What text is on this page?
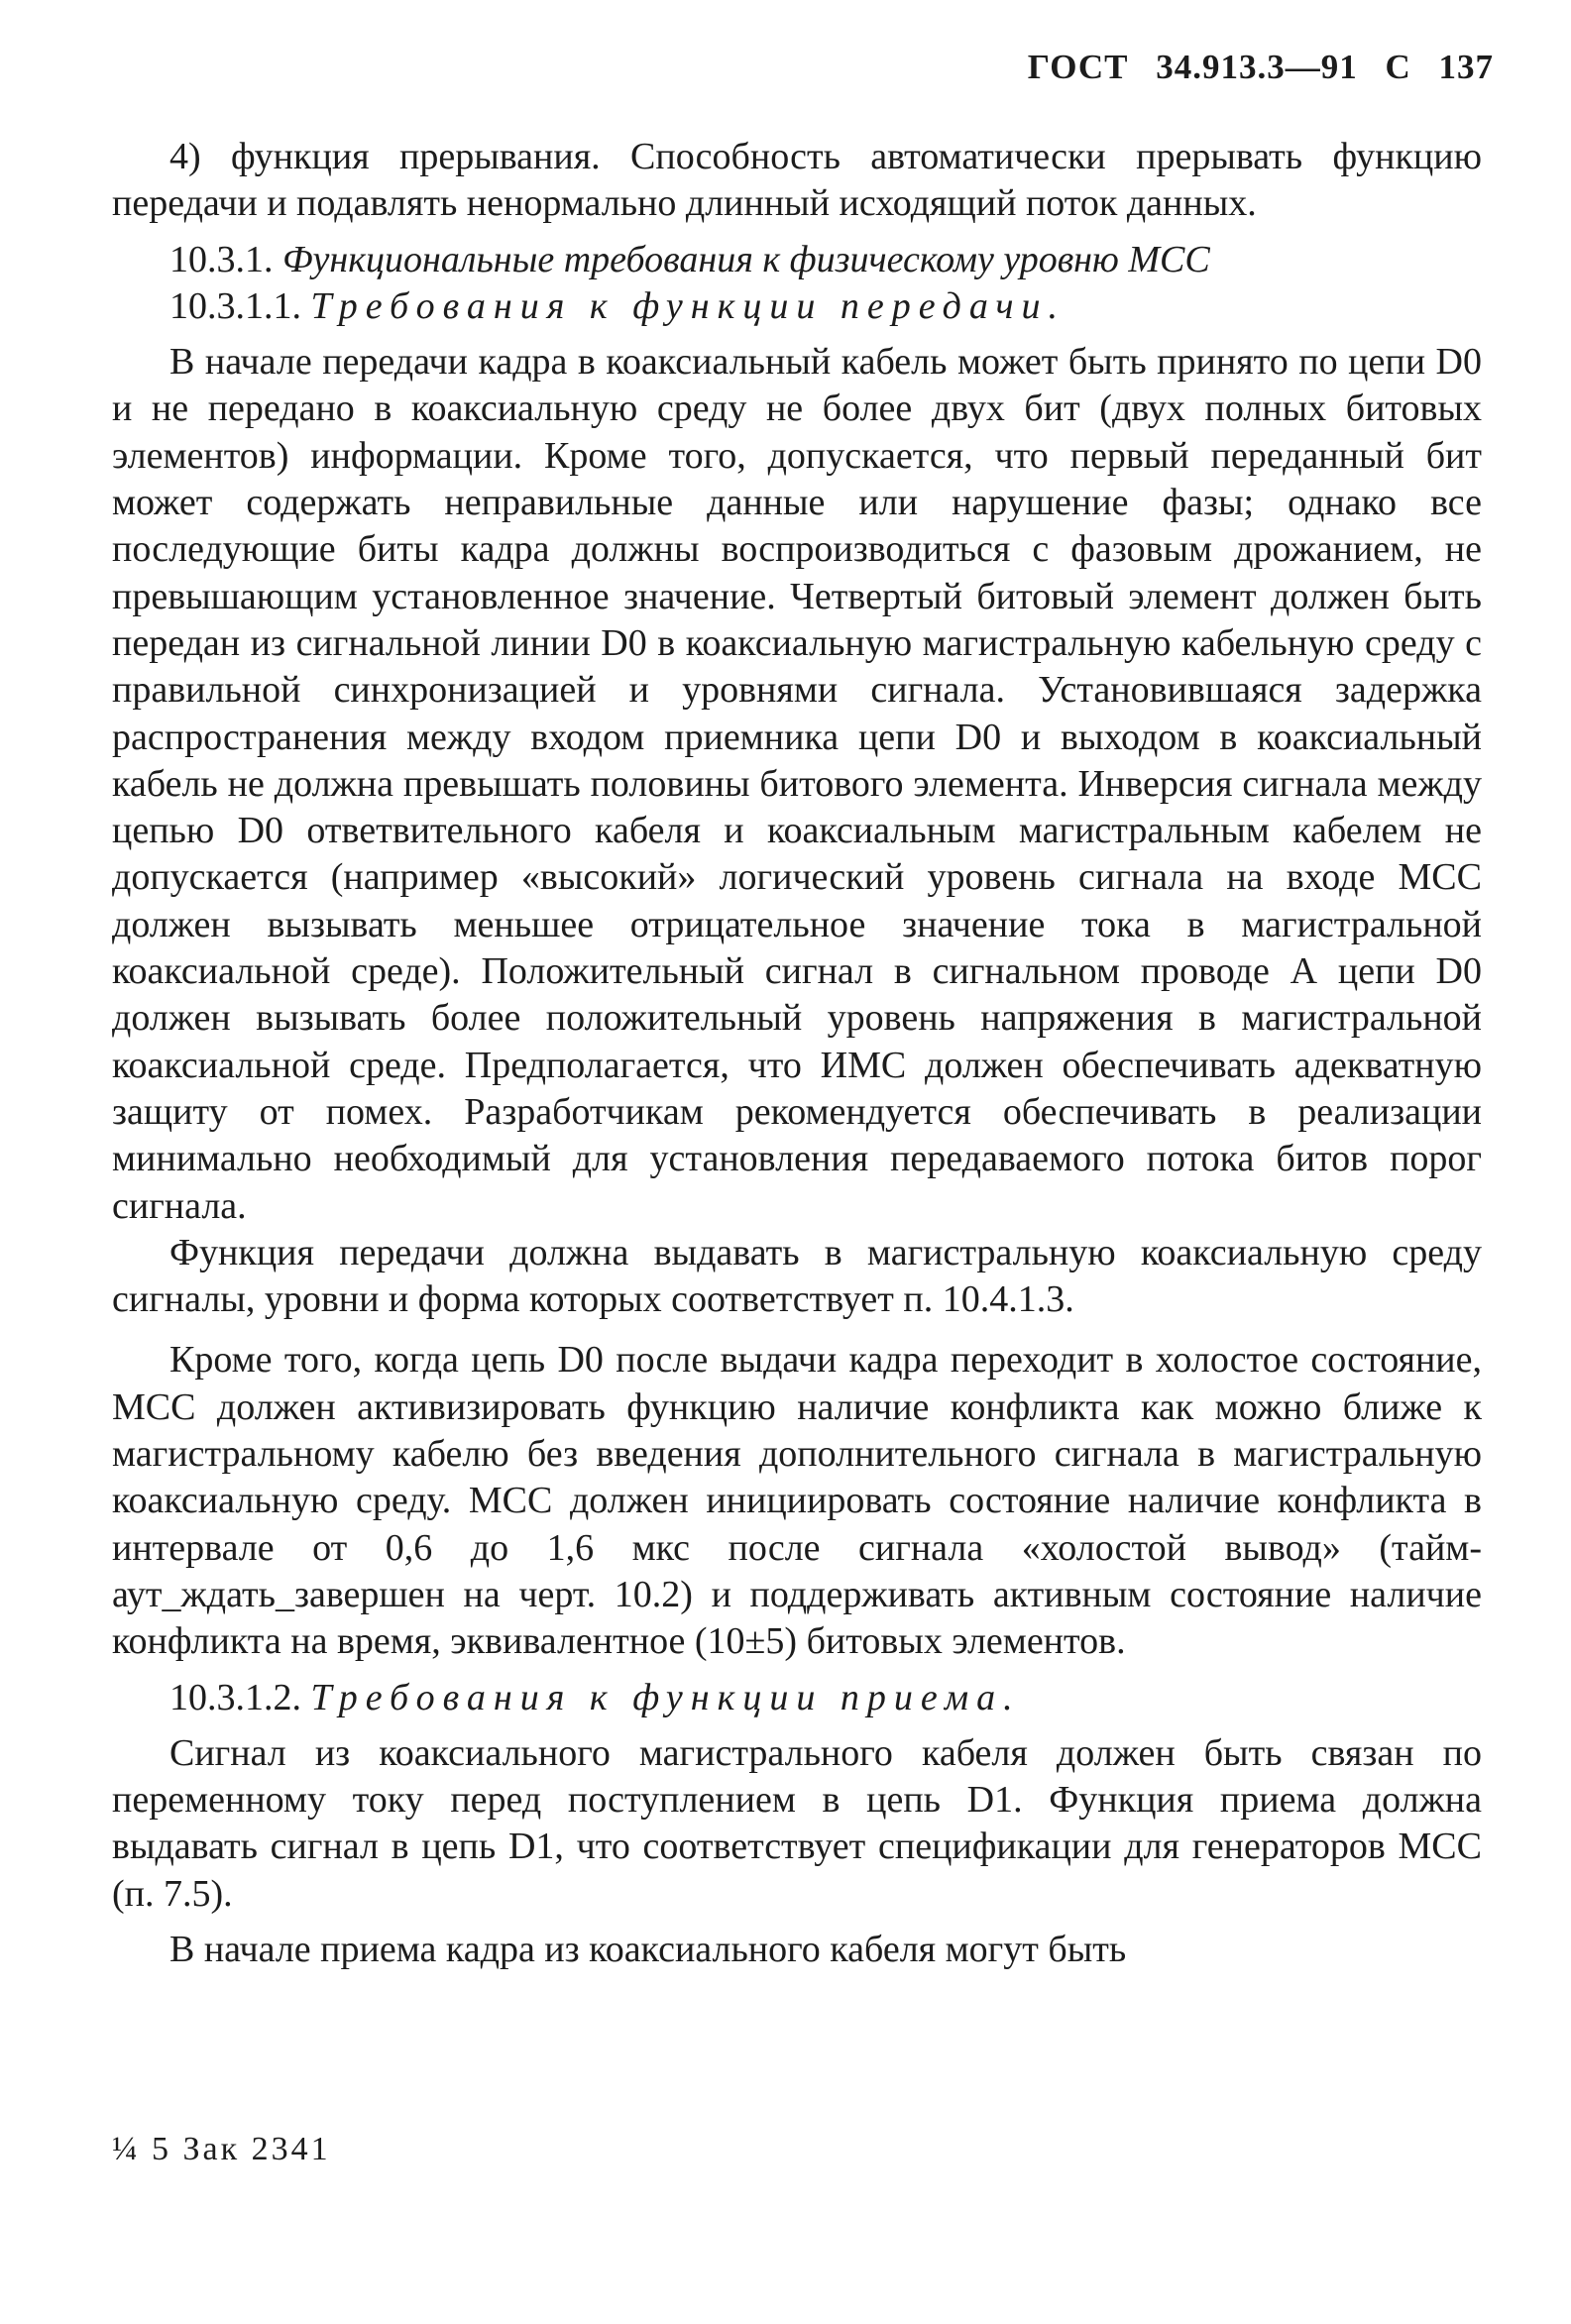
ГОСТ 34.913.3—91 С 137

4) функция прерывания. Способность автоматически прерывать функцию передачи и подавлять ненормально длинный исходящий поток данных.

10.3.1. Функциональные требования к физическому уровню МСС

10.3.1.1. Требования к функции передачи.

В начале передачи кадра в коаксиальный кабель может быть принято по цепи D0 и не передано в коаксиальную среду не более двух бит (двух полных битовых элементов) информации. Кроме того, допускается, что первый переданный бит может содержать неправильные данные или нарушение фазы; однако все последующие биты кадра должны воспроизводиться с фазовым дрожанием, не превышающим установленное значение. Четвертый битовый элемент должен быть передан из сигнальной линии D0 в коаксиальную магистральную кабельную среду с правильной синхронизацией и уровнями сигнала. Установившаяся задержка распространения между входом приемника цепи D0 и выходом в коаксиальный кабель не должна превышать половины битового элемента. Инверсия сигнала между цепью D0 ответвительного кабеля и коаксиальным магистральным кабелем не допускается (например «высокий» логический уровень сигнала на входе МСС должен вызывать меньшее отрицательное значение тока в магистральной коаксиальной среде). Положительный сигнал в сигнальном проводе А цепи D0 должен вызывать более положительный уровень напряжения в магистральной коаксиальной среде. Предполагается, что ИМС должен обеспечивать адекватную защиту от помех. Разработчикам рекомендуется обеспечивать в реализации минимально необходимый для установления передаваемого потока битов порог сигнала.

Функция передачи должна выдавать в магистральную коаксиальную среду сигналы, уровни и форма которых соответствует п. 10.4.1.3.

Кроме того, когда цепь D0 после выдачи кадра переходит в холостое состояние, МСС должен активизировать функцию наличие конфликта как можно ближе к магистральному кабелю без введения дополнительного сигнала в магистральную коаксиальную среду. МСС должен инициировать состояние наличие конфликта в интервале от 0,6 до 1,6 мкс после сигнала «холостой вывод» (тайм-аут_ждать_завершен на черт. 10.2) и поддерживать активным состояние наличие конфликта на время, эквивалентное (10±5) битовых элементов.

10.3.1.2. Требования к функции приема.

Сигнал из коаксиального магистрального кабеля должен быть связан по переменному току перед поступлением в цепь D1. Функция приема должна выдавать сигнал в цепь D1, что соответствует спецификации для генераторов МСС (п. 7.5).

В начале приема кадра из коаксиального кабеля могут быть

¼ 5 Зак 2341
